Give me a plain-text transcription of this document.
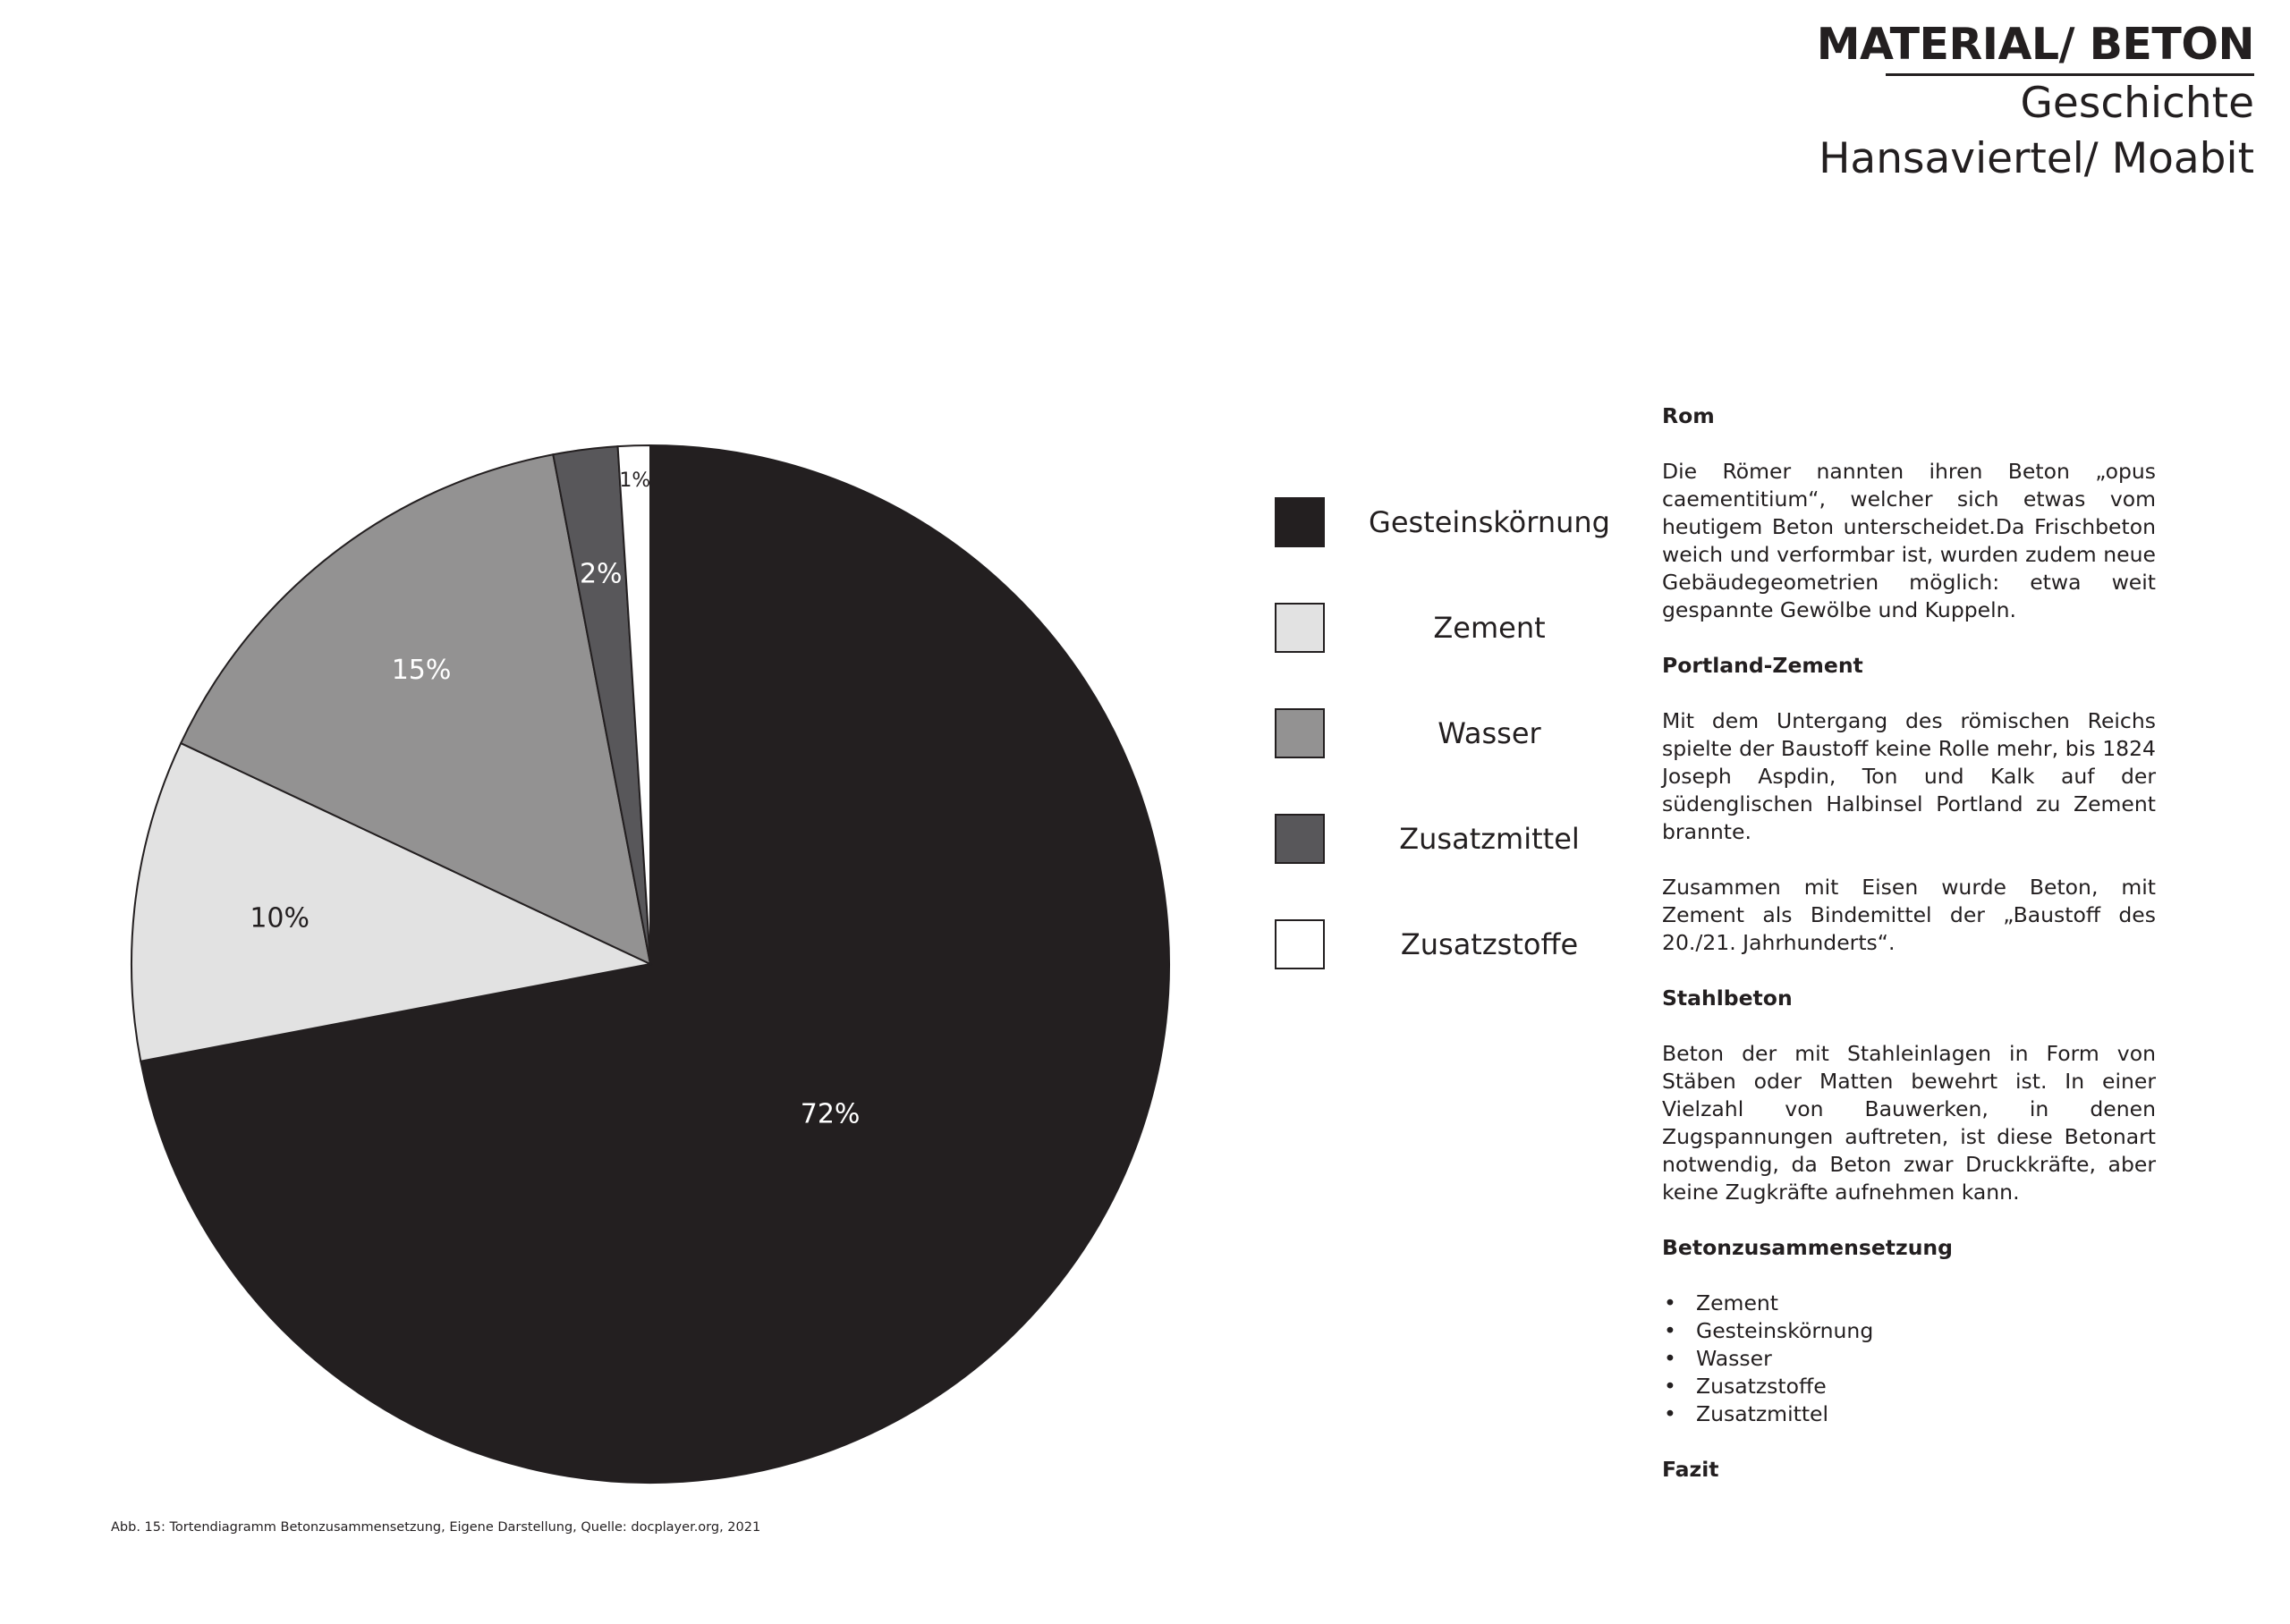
MATERIAL/ BETON
Geschichte
Hansaviertel/ Moabit
72%
10%
15%
2%
1%
Gesteinskörnung
Zement
Wasser
Zusatzmittel
Zusatzstoffe
Rom

Die Römer nannten ihren Beton „opus caementitium“, welcher sich etwas vom heutigem Beton unterscheidet.Da Frischbeton weich und verformbar ist, wurden zudem neue Gebäudegeometrien möglich: etwa weit gespannte Gewölbe und Kuppeln.

Portland-Zement

Mit dem Untergang des römischen Reichs spielte der Baustoff keine Rolle mehr, bis 1824 Joseph Aspdin, Ton und Kalk auf der südenglischen Halbinsel Portland zu Zement brannte.

Zusammen mit Eisen wurde Beton, mit Zement als Bindemittel der „Baustoff des 20./21. Jahrhunderts“.

Stahlbeton

Beton der mit Stahleinlagen in Form von Stäben oder Matten bewehrt ist. In einer Vielzahl von Bauwerken, in denen Zugspannungen auftreten, ist diese Betonart notwendig, da Beton zwar Druckkräfte, aber keine Zugkräfte aufnehmen kann.

Betonzusammensetzung
• Zement
• Gesteinskörnung
• Wasser
• Zusatzstoffe
• Zusatzmittel
Fazit
Abb. 15: Tortendiagramm Betonzusammensetzung, Eigene Darstellung, Quelle: docplayer.org, 2021
